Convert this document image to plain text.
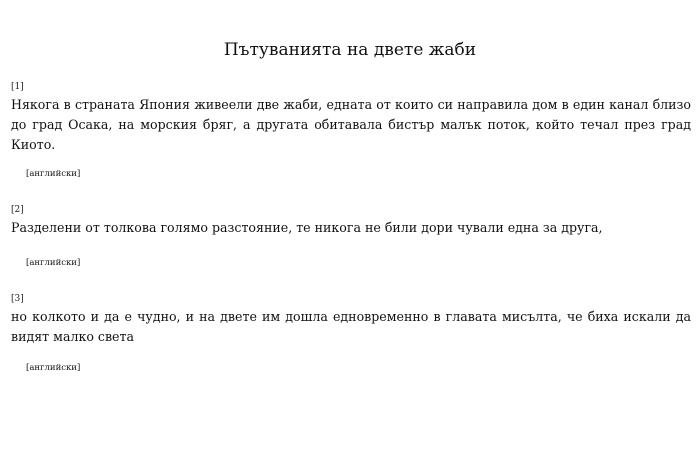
Пътуванията на двете жаби
[1]

Някога в страната Япония живеели две жаби, едната от които си направила дом в един канал близо до град Осака, на морския бряг, а другата обитавала бистър малък поток, който течал през град Киото.

[английски]
[2]

Разделени от толкова голямо разстояние, те никога не били дори чували една за друга,

[английски]
[3]

но колкото и да е чудно, и на двете им дошла едновременно в главата мисълта, че биха искали да видят малко света

[английски]
